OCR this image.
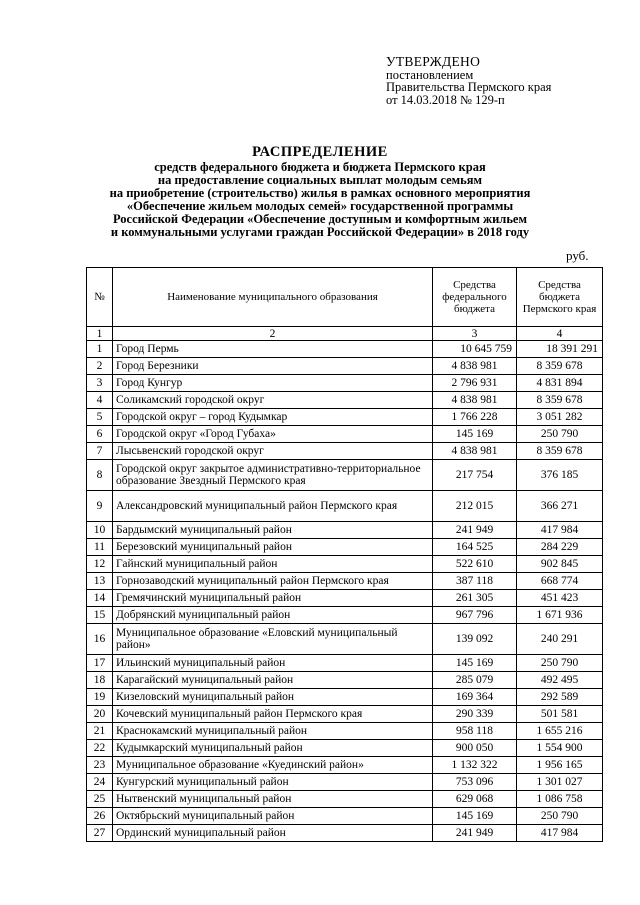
УТВЕРЖДЕНО
постановлением
Правительства Пермского края
от 14.03.2018 № 129-п
РАСПРЕДЕЛЕНИЕ
средств федерального бюджета и бюджета Пермского края
на предоставление социальных выплат молодым семьям
на приобретение (строительство) жилья в рамках основного мероприятия
«Обеспечение жильем молодых семей» государственной программы
Российской Федерации «Обеспечение доступным и комфортным жильем
и коммунальными услугами граждан Российской Федерации» в 2018 году
руб.
№	Наименование муниципального образования	Средства федерального бюджета	Средства бюджета Пермского края
1	2	3	4
1	Город Пермь	10 645 759	18 391 291
2	Город Березники	4 838 981	8 359 678
3	Город Кунгур	2 796 931	4 831 894
4	Соликамский городской округ	4 838 981	8 359 678
5	Городской округ – город Кудымкар	1 766 228	3 051 282
6	Городской округ «Город Губаха»	145 169	250 790
7	Лысьвенский городской округ	4 838 981	8 359 678
8	Городской округ закрытое административно-территориальное образование Звездный Пермского края	217 754	376 185
9	Александровский муниципальный район Пермского края	212 015	366 271
10	Бардымский муниципальный район	241 949	417 984
11	Березовский муниципальный район	164 525	284 229
12	Гайнский муниципальный район	522 610	902 845
13	Горнозаводский муниципальный район Пермского края	387 118	668 774
14	Гремячинский муниципальный район	261 305	451 423
15	Добрянский муниципальный район	967 796	1 671 936
16	Муниципальное образование «Еловский муниципальный район»	139 092	240 291
17	Ильинский муниципальный район	145 169	250 790
18	Карагайский муниципальный район	285 079	492 495
19	Кизеловский муниципальный район	169 364	292 589
20	Кочевский муниципальный район Пермского края	290 339	501 581
21	Краснокамский муниципальный район	958 118	1 655 216
22	Кудымкарский муниципальный район	900 050	1 554 900
23	Муниципальное образование «Куединский район»	1 132 322	1 956 165
24	Кунгурский муниципальный район	753 096	1 301 027
25	Нытвенский муниципальный район	629 068	1 086 758
26	Октябрьский муниципальный район	145 169	250 790
27	Ординский муниципальный район	241 949	417 984
